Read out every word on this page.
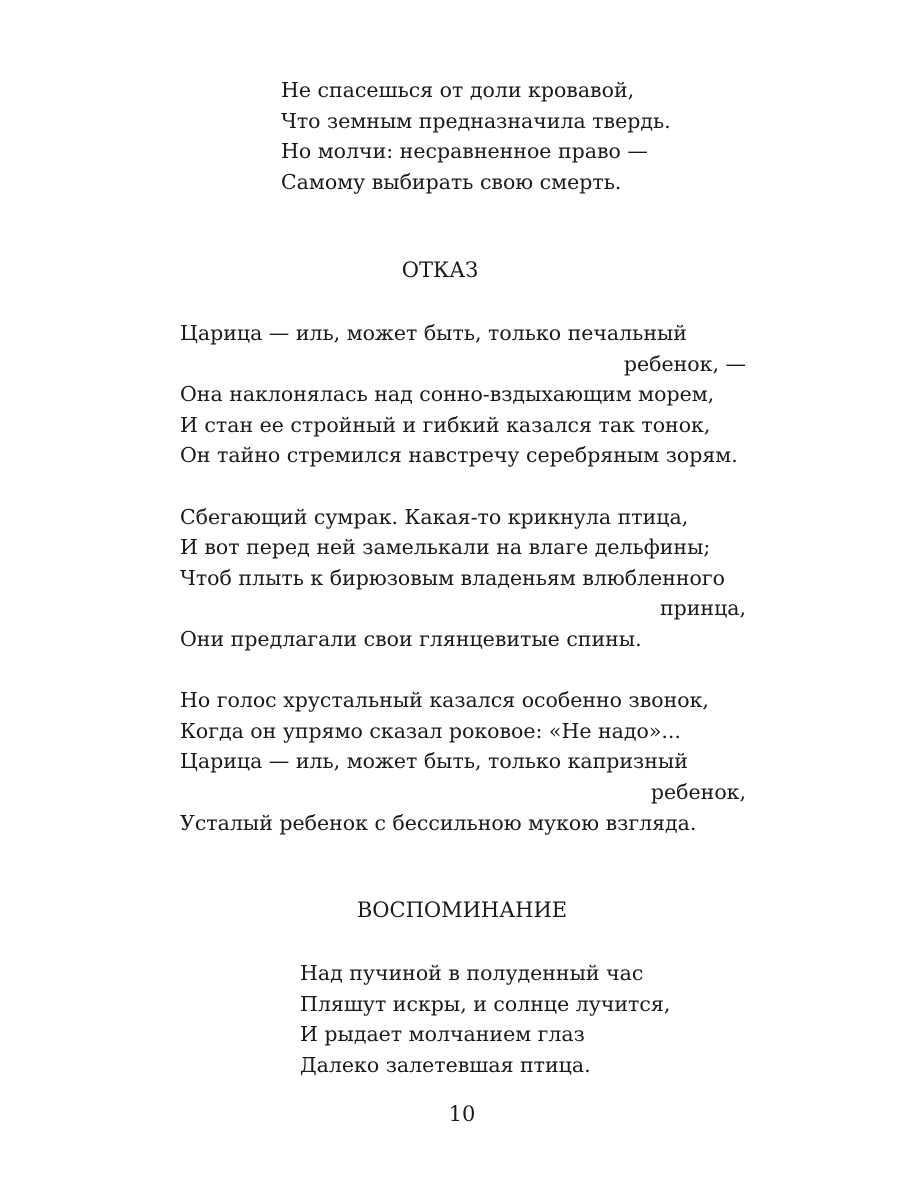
Не спасешься от доли кровавой,
Что земным предназначила твердь.
Но молчи: несравненное право —
Самому выбирать свою смерть.
ОТКАЗ
Царица — иль, может быть, только печальный
ребенок, —
Она наклонялась над сонно-вздыхающим морем,
И стан ее стройный и гибкий казался так тонок,
Он тайно стремился навстречу серебряным зорям.
Сбегающий сумрак. Какая-то крикнула птица,
И вот перед ней замелькали на влаге дельфины;
Чтоб плыть к бирюзовым владеньям влюбленного
принца,
Они предлагали свои глянцевитые спины.
Но голос хрустальный казался особенно звонок,
Когда он упрямо сказал роковое: «Не надо»...
Царица — иль, может быть, только капризный
ребенок,
Усталый ребенок с бессильною мукою взгляда.
ВОСПОМИНАНИЕ
Над пучиной в полуденный час
Пляшут искры, и солнце лучится,
И рыдает молчанием глаз
Далеко залетевшая птица.
10
